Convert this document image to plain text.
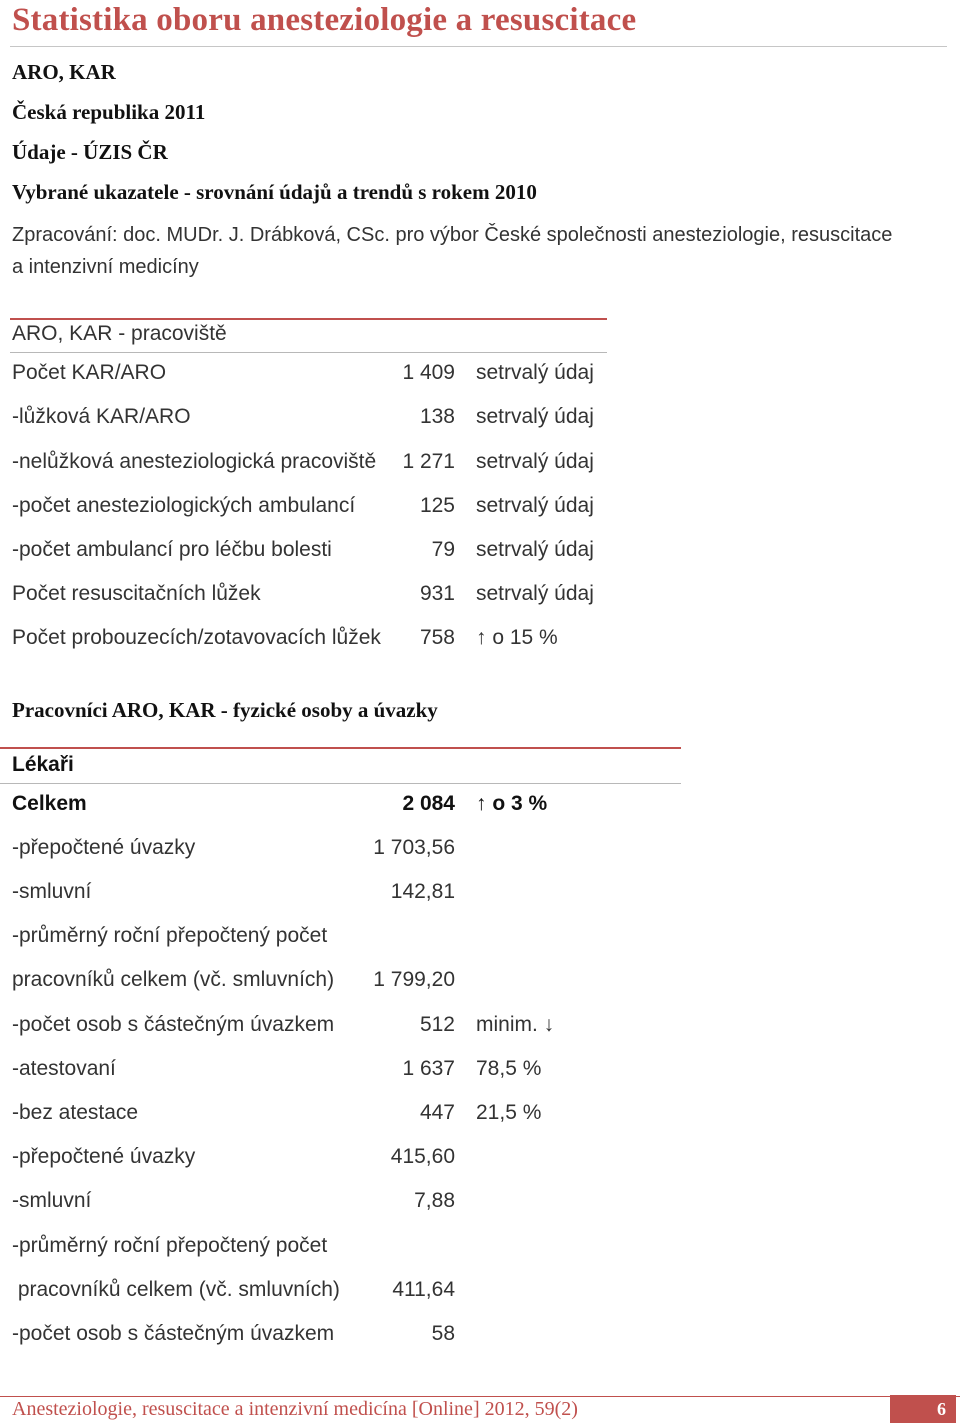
Statistika oboru anesteziologie a resuscitace
ARO, KAR
Česká republika 2011
Údaje - ÚZIS ČR
Vybrané ukazatele - srovnání údajů a trendů s rokem 2010
Zpracování: doc. MUDr. J. Drábková, CSc. pro výbor České společnosti anesteziologie, resuscitace
a intenzivní medicíny
ARO, KAR - pracoviště
Počet KAR/ARO	1 409 setrvalý údaj
-lůžková KAR/ARO	138 setrvalý údaj
-nelůžková anesteziologická pracoviště	1 271 setrvalý údaj
-počet anesteziologických ambulancí	125 setrvalý údaj
-počet ambulancí pro léčbu bolesti	79 setrvalý údaj
Počet resuscitačních lůžek	931 setrvalý údaj
Počet probouzecích/zotavovacích lůžek	758 ↑ o 15 %
Pracovníci ARO, KAR - fyzické osoby a úvazky
Lékaři
Celkem	2 084 ↑ o 3 %
-přepočtené úvazky	1 703,56
-smluvní	142,81
-průměrný roční přepočtený počet
pracovníků celkem (vč. smluvních)	1 799,20
-počet osob s částečným úvazkem	512 minim. ↓
-atestovaní	1 637 78,5 %
-bez atestace	447 21,5 %
-přepočtené úvazky	415,60
-smluvní	7,88
-průměrný roční přepočtený počet
pracovníků celkem (vč. smluvních)	411,64
-počet osob s částečným úvazkem	58
Anesteziologie, resuscitace a intenzivní medicína [Online] 2012, 59(2)	6
